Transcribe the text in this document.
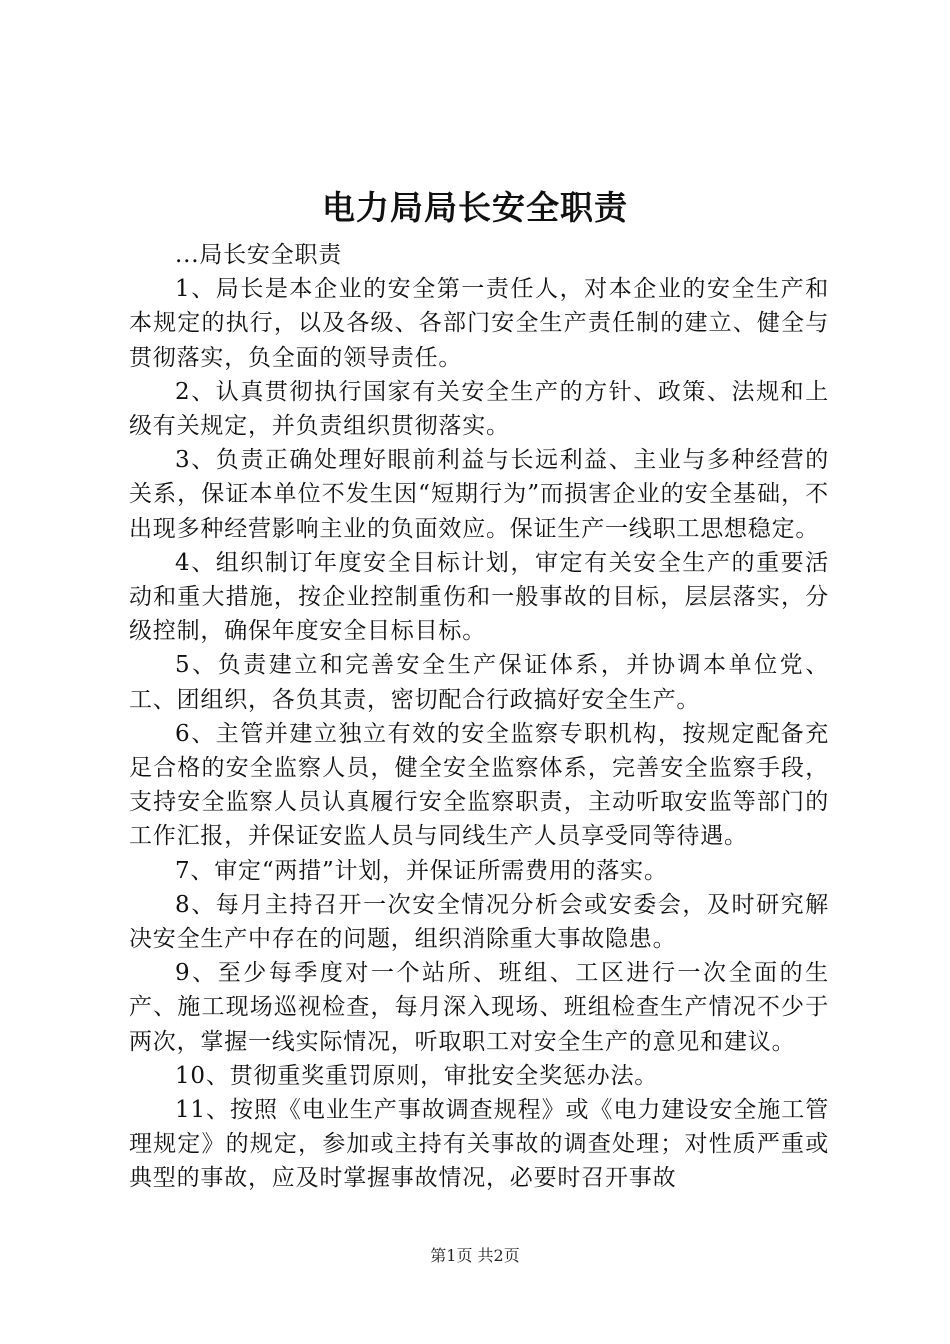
电力局局长安全职责

...局长安全职责

1、局长是本企业的安全第一责任人，对本企业的安全生产和本规定的执行，以及各级、各部门安全生产责任制的建立、健全与贯彻落实，负全面的领导责任。

2、认真贯彻执行国家有关安全生产的方针、政策、法规和上级有关规定，并负责组织贯彻落实。

3、负责正确处理好眼前利益与长远利益、主业与多种经营的关系，保证本单位不发生因“短期行为”而损害企业的安全基础，不出现多种经营影响主业的负面效应。保证生产一线职工思想稳定。

4、组织制订年度安全目标计划，审定有关安全生产的重要活动和重大措施，按企业控制重伤和一般事故的目标，层层落实，分级控制，确保年度安全目标目标。

5、负责建立和完善安全生产保证体系，并协调本单位党、工、团组织，各负其责，密切配合行政搞好安全生产。

6、主管并建立独立有效的安全监察专职机构，按规定配备充足合格的安全监察人员，健全安全监察体系，完善安全监察手段，支持安全监察人员认真履行安全监察职责，主动听取安监等部门的工作汇报，并保证安监人员与同线生产人员享受同等待遇。

7、审定“两措”计划，并保证所需费用的落实。

8、每月主持召开一次安全情况分析会或安委会，及时研究解决安全生产中存在的问题，组织消除重大事故隐患。

9、至少每季度对一个站所、班组、工区进行一次全面的生产、施工现场巡视检查，每月深入现场、班组检查生产情况不少于两次，掌握一线实际情况，听取职工对安全生产的意见和建议。

10、贯彻重奖重罚原则，审批安全奖惩办法。

11、按照《电业生产事故调查规程》或《电力建设安全施工管理规定》的规定，参加或主持有关事故的调查处理；对性质严重或典型的事故，应及时掌握事故情况，必要时召开事故

第1页 共2页
